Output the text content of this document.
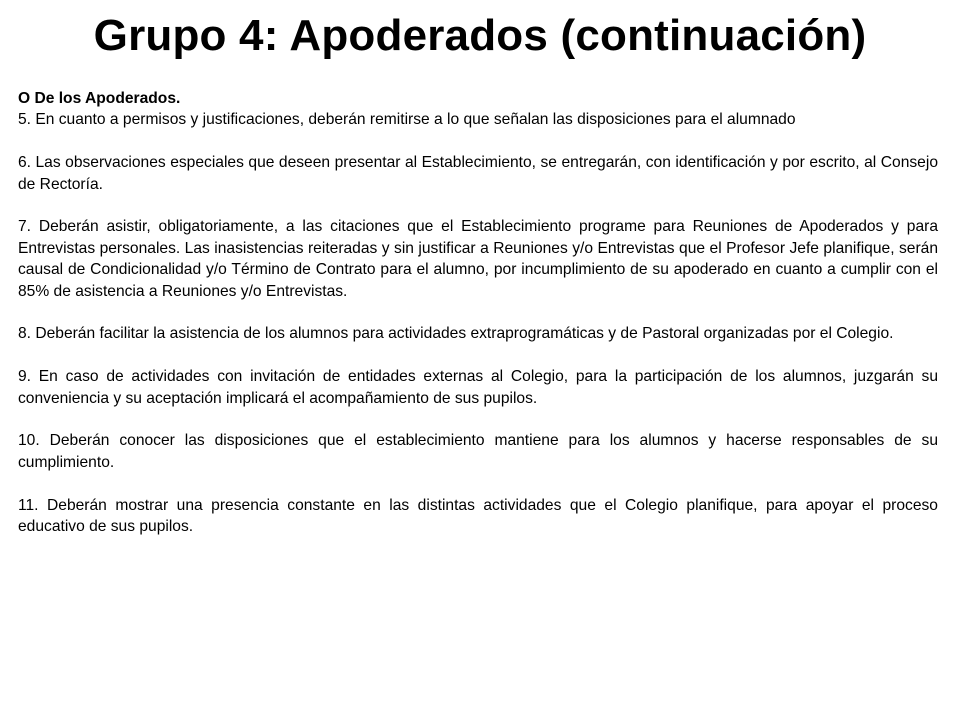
Grupo 4: Apoderados (continuación)

O De los Apoderados.

5. En cuanto a permisos y justificaciones, deberán remitirse a lo que señalan las disposiciones para el alumnado

6. Las observaciones especiales que deseen presentar al Establecimiento, se entregarán, con identificación y por escrito, al Consejo de Rectoría.

7. Deberán asistir, obligatoriamente, a las citaciones que el Establecimiento programe para Reuniones de Apoderados y para Entrevistas personales. Las inasistencias reiteradas y sin justificar a Reuniones y/o Entrevistas que el Profesor Jefe planifique, serán causal de Condicionalidad y/o Término de Contrato para el alumno, por incumplimiento de su apoderado en cuanto a cumplir con el 85% de asistencia a Reuniones y/o Entrevistas.

8. Deberán facilitar la asistencia de los alumnos para actividades extraprogramáticas y de Pastoral organizadas por el Colegio.

9. En caso de actividades con invitación de entidades externas al Colegio, para la participación de los alumnos, juzgarán su conveniencia y su aceptación implicará el acompañamiento de sus pupilos.

10. Deberán conocer las disposiciones que el establecimiento mantiene para los alumnos y hacerse responsables de su cumplimiento.

11. Deberán mostrar una presencia constante en las distintas actividades que el Colegio planifique, para apoyar el proceso educativo de sus pupilos.
